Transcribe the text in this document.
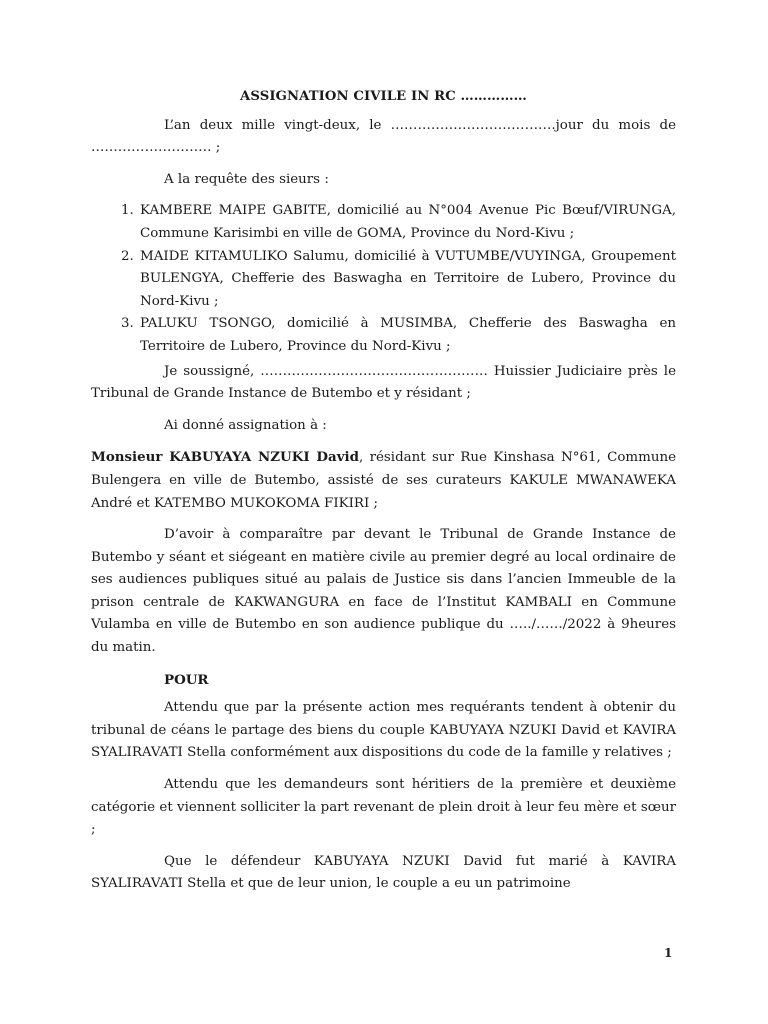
ASSIGNATION CIVILE IN RC ……………

L’an deux mille vingt-deux, le ……………………………….jour du mois de ……………………… ;

A la requête des sieurs :

1. KAMBERE MAIPE GABITE, domicilié au N°004 Avenue Pic Bœuf/VIRUNGA, Commune Karisimbi en ville de GOMA, Province du Nord-Kivu ;
2. MAIDE KITAMULIKO Salumu, domicilié à VUTUMBE/VUYINGA, Groupement BULENGYA, Chefferie des Baswagha en Territoire de Lubero, Province du Nord-Kivu ;
3. PALUKU TSONGO, domicilié à MUSIMBA, Chefferie des Baswagha en Territoire de Lubero, Province du Nord-Kivu ;

Je soussigné, …………………………………………… Huissier Judiciaire près le Tribunal de Grande Instance de Butembo et y résidant ;

Ai donné assignation à :

Monsieur KABUYAYA NZUKI David, résidant sur Rue Kinshasa N°61, Commune Bulengera en ville de Butembo, assisté de ses curateurs KAKULE MWANAWEKA André et KATEMBO MUKOKOMA FIKIRI ;

D’avoir à comparaître par devant le Tribunal de Grande Instance de Butembo y séant et siégeant en matière civile au premier degré au local ordinaire de ses audiences publiques situé au palais de Justice sis dans l’ancien Immeuble de la prison centrale de KAKWANGURA en face de l’Institut KAMBALI en Commune Vulamba en ville de Butembo en son audience publique du …../……/2022 à 9heures du matin.

POUR

Attendu que par la présente action mes requérants tendent à obtenir du tribunal de céans le partage des biens du couple KABUYAYA NZUKI David et KAVIRA SYALIRAVATI Stella conformément aux dispositions du code de la famille y relatives ;

Attendu que les demandeurs sont héritiers de la première et deuxième catégorie et viennent solliciter la part revenant de plein droit à leur feu mère et sœur ;

Que le défendeur KABUYAYA NZUKI David fut marié à KAVIRA SYALIRAVATI Stella et que de leur union, le couple a eu un patrimoine

1
